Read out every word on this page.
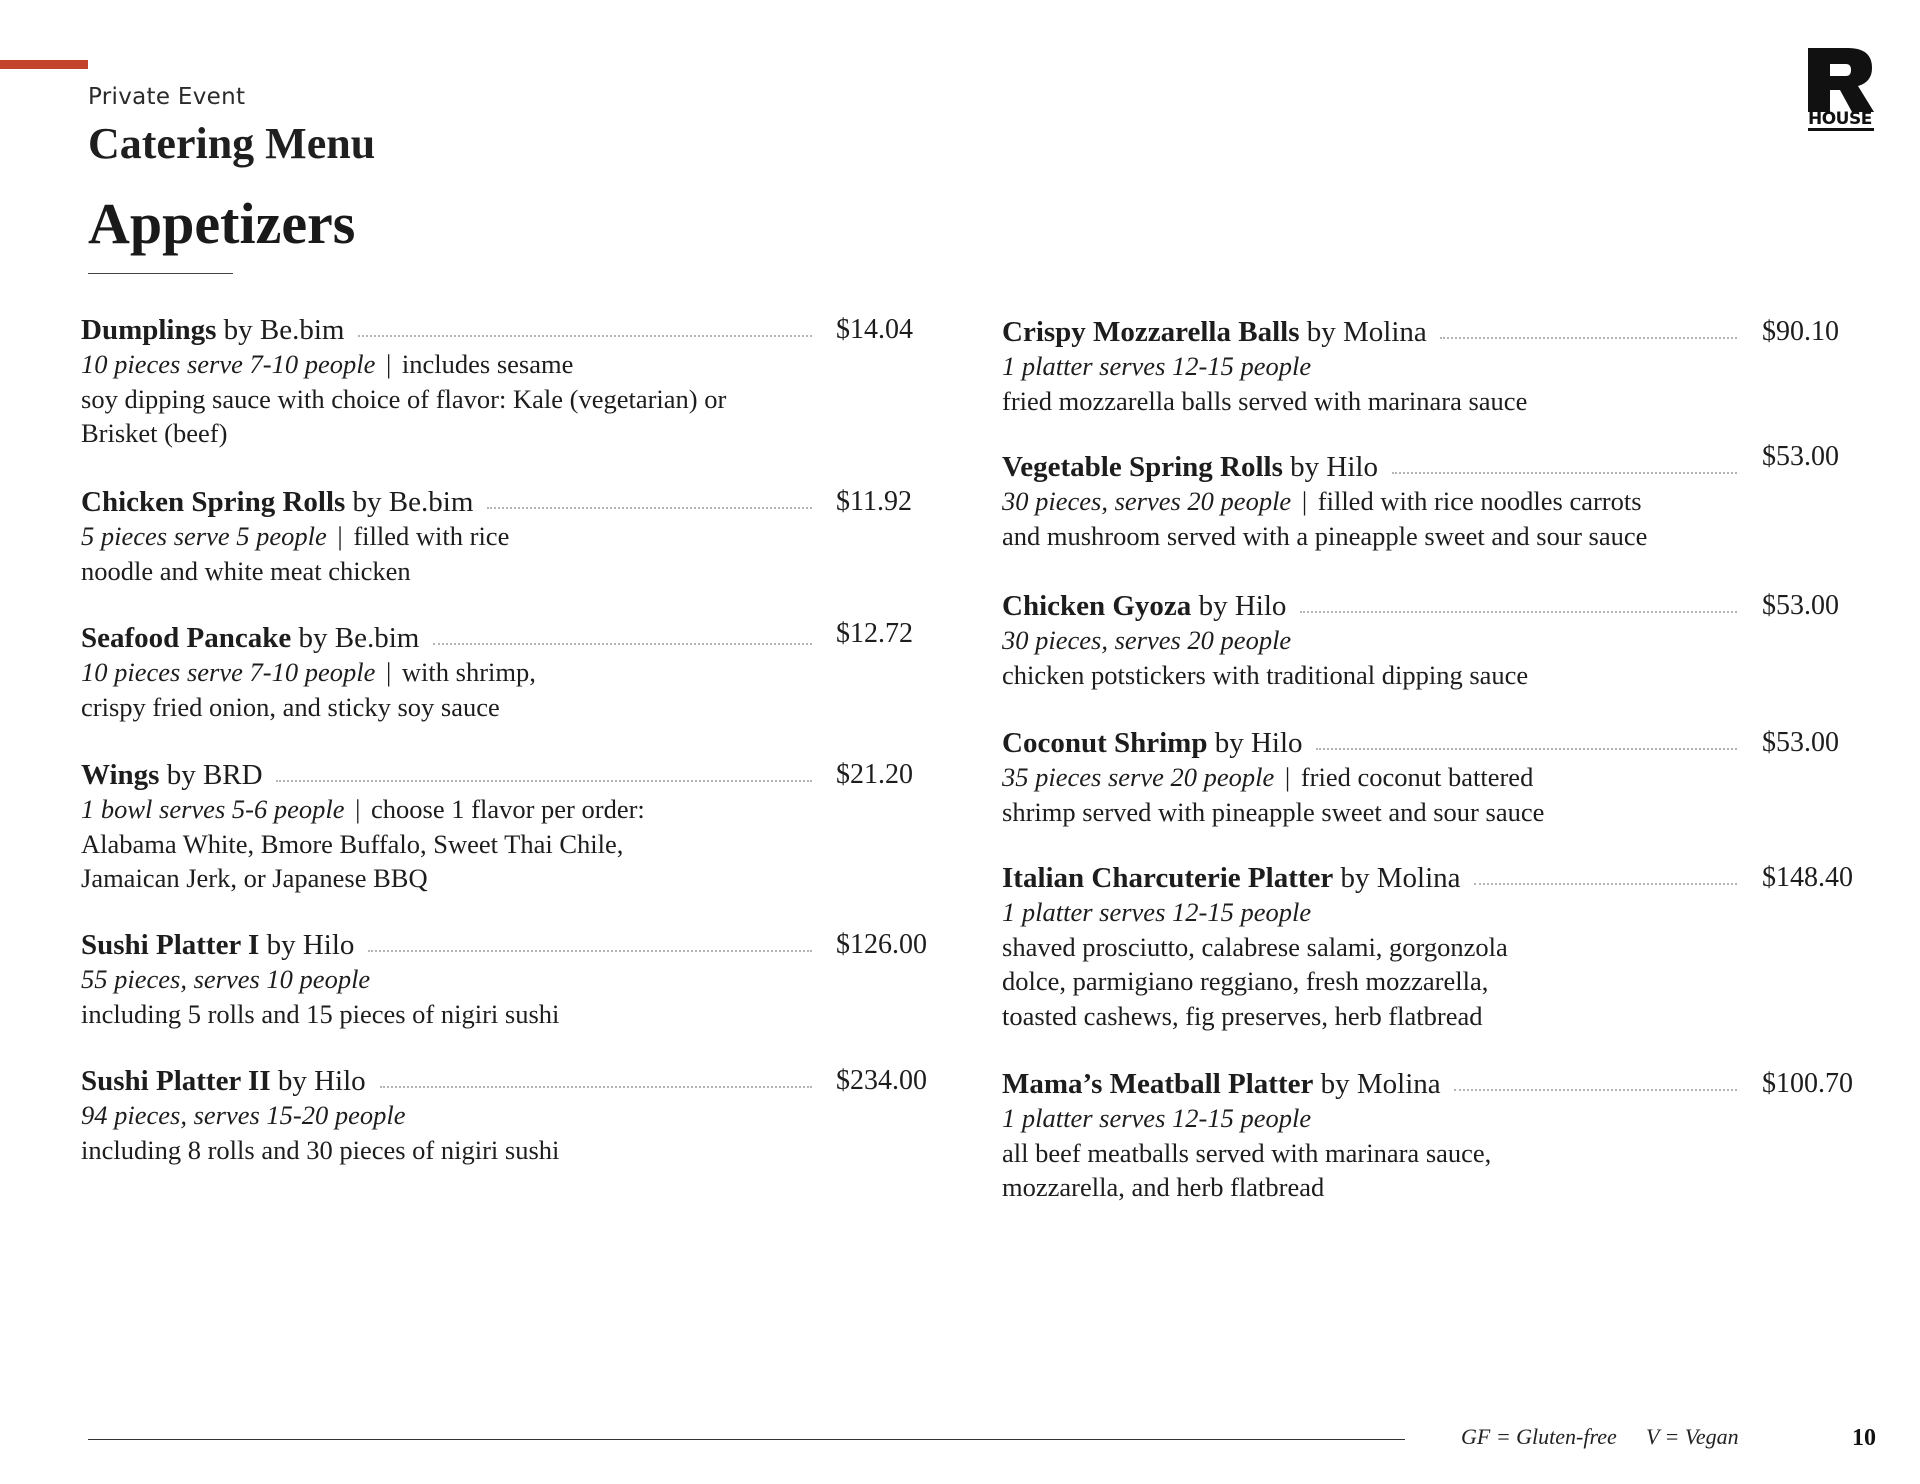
Private Event
Catering Menu
Appetizers
HOUSE
Dumplings by Be.bim	$14.04
10 pieces serve 7-10 people | includes sesame
soy dipping sauce with choice of flavor: Kale (vegetarian) or
Brisket (beef)
Chicken Spring Rolls by Be.bim	$11.92
5 pieces serve 5 people | filled with rice
noodle and white meat chicken
Seafood Pancake by Be.bim	$12.72
10 pieces serve 7-10 people | with shrimp,
crispy fried onion, and sticky soy sauce
Wings by BRD	$21.20
1 bowl serves 5-6 people | choose 1 flavor per order:
Alabama White, Bmore Buffalo, Sweet Thai Chile,
Jamaican Jerk, or Japanese BBQ
Sushi Platter I by Hilo	$126.00
55 pieces, serves 10 people
including 5 rolls and 15 pieces of nigiri sushi
Sushi Platter II by Hilo	$234.00
94 pieces, serves 15-20 people
including 8 rolls and 30 pieces of nigiri sushi
Crispy Mozzarella Balls by Molina	$90.10
1 platter serves 12-15 people
fried mozzarella balls served with marinara sauce
Vegetable Spring Rolls by Hilo	$53.00
30 pieces, serves 20 people | filled with rice noodles carrots
and mushroom served with a pineapple sweet and sour sauce
Chicken Gyoza by Hilo	$53.00
30 pieces, serves 20 people
chicken potstickers with traditional dipping sauce
Coconut Shrimp by Hilo	$53.00
35 pieces serve 20 people | fried coconut battered
shrimp served with pineapple sweet and sour sauce
Italian Charcuterie Platter by Molina	$148.40
1 platter serves 12-15 people
shaved prosciutto, calabrese salami, gorgonzola
dolce, parmigiano reggiano, fresh mozzarella,
toasted cashews, fig preserves, herb flatbread
Mama’s Meatball Platter by Molina	$100.70
1 platter serves 12-15 people
all beef meatballs served with marinara sauce,
mozzarella, and herb flatbread
GF = Gluten-free V = Vegan	10
